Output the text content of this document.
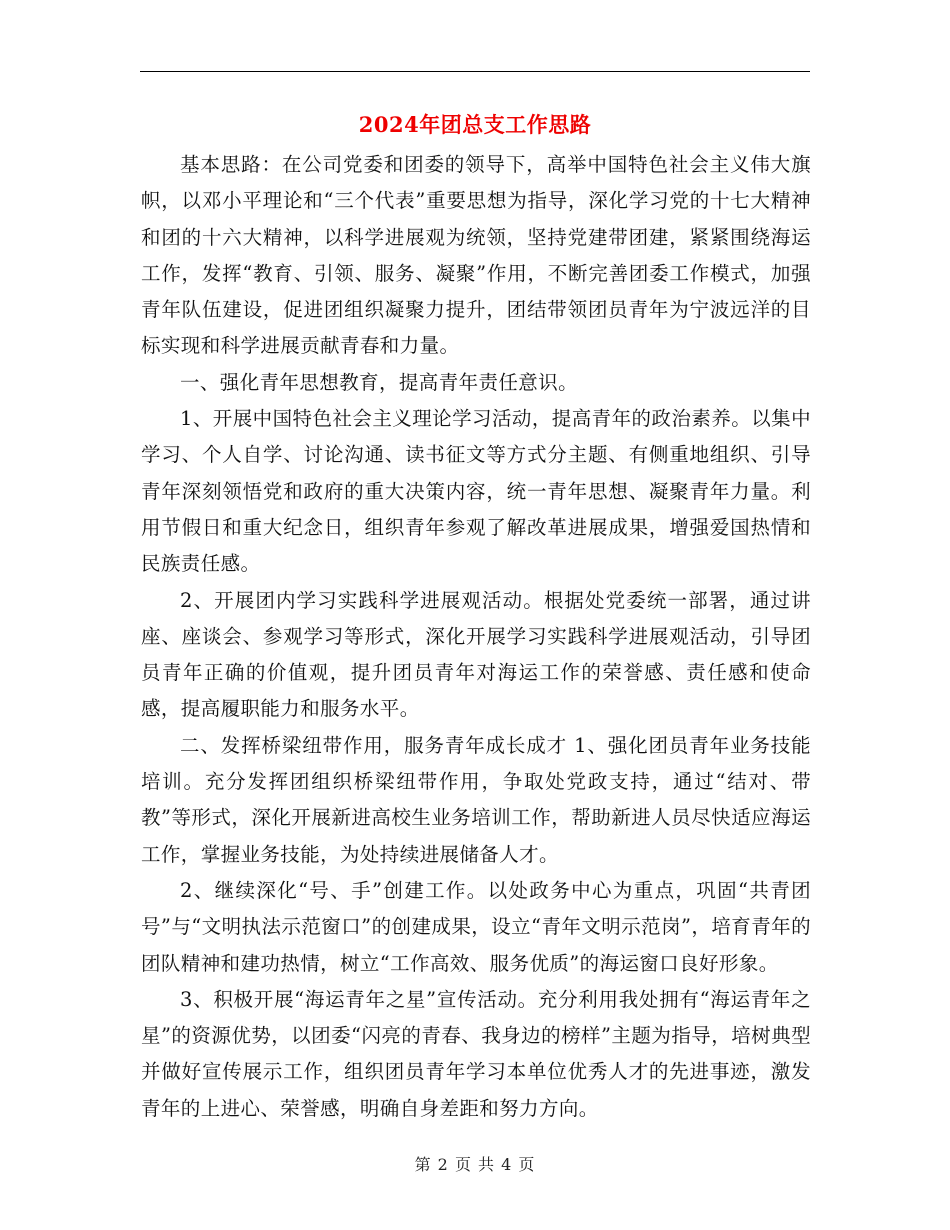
2024年团总支工作思路

基本思路：在公司党委和团委的领导下，高举中国特色社会主义伟大旗帜，以邓小平理论和“三个代表”重要思想为指导，深化学习党的十七大精神和团的十六大精神，以科学进展观为统领，坚持党建带团建，紧紧围绕海运工作，发挥“教育、引领、服务、凝聚”作用，不断完善团委工作模式，加强青年队伍建设，促进团组织凝聚力提升，团结带领团员青年为宁波远洋的目标实现和科学进展贡献青春和力量。

一、强化青年思想教育，提高青年责任意识。

1、开展中国特色社会主义理论学习活动，提高青年的政治素养。以集中学习、个人自学、讨论沟通、读书征文等方式分主题、有侧重地组织、引导青年深刻领悟党和政府的重大决策内容，统一青年思想、凝聚青年力量。利用节假日和重大纪念日，组织青年参观了解改革进展成果，增强爱国热情和民族责任感。

2、开展团内学习实践科学进展观活动。根据处党委统一部署，通过讲座、座谈会、参观学习等形式，深化开展学习实践科学进展观活动，引导团员青年正确的价值观，提升团员青年对海运工作的荣誉感、责任感和使命感，提高履职能力和服务水平。

二、发挥桥梁纽带作用，服务青年成长成才 1、强化团员青年业务技能培训。充分发挥团组织桥梁纽带作用，争取处党政支持，通过“结对、带教”等形式，深化开展新进高校生业务培训工作，帮助新进人员尽快适应海运工作，掌握业务技能，为处持续进展储备人才。

2、继续深化“号、手”创建工作。以处政务中心为重点，巩固“共青团号”与“文明执法示范窗口”的创建成果，设立“青年文明示范岗”，培育青年的团队精神和建功热情，树立“工作高效、服务优质”的海运窗口良好形象。

3、积极开展“海运青年之星”宣传活动。充分利用我处拥有“海运青年之星”的资源优势，以团委“闪亮的青春、我身边的榜样”主题为指导，培树典型并做好宣传展示工作，组织团员青年学习本单位优秀人才的先进事迹，激发青年的上进心、荣誉感，明确自身差距和努力方向。

第 2 页 共 4 页
